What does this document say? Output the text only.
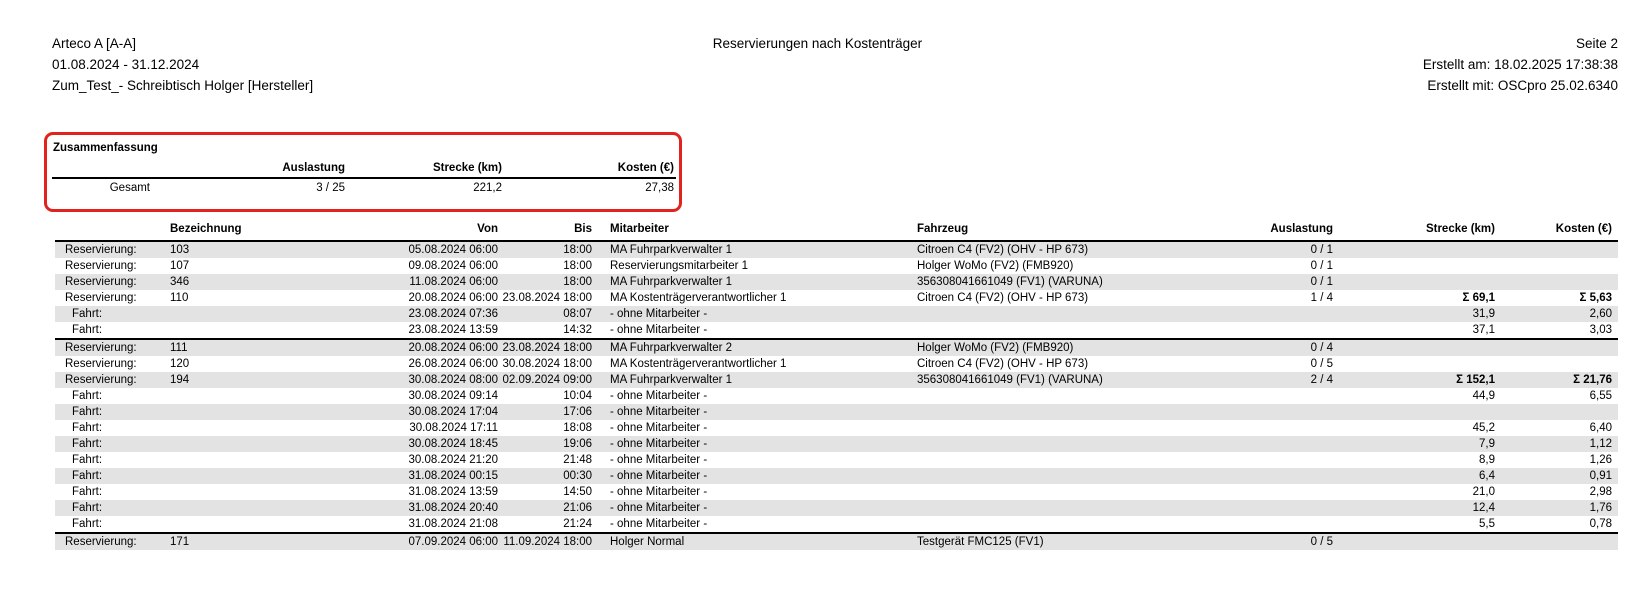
Arteco A [A-A]
01.08.2024 - 31.12.2024
Zum_Test_- Schreibtisch Holger [Hersteller]
Reservierungen nach Kostenträger	Seite 2
Erstellt am: 18.02.2025 17:38:38
Erstellt mit: OSCpro 25.02.6340
Zusammenfassung
	Auslastung	Strecke (km)	Kosten (€)
Gesamt	3 / 25	221,2	27,38
	Bezeichnung	Von	Bis	Mitarbeiter	Fahrzeug	Auslastung	Strecke (km)	Kosten (€)
Reservierung:	103	05.08.2024 06:00	18:00	MA Fuhrparkverwalter 1	Citroen C4 (FV2) (OHV - HP 673)	0 / 1		
Reservierung:	107	09.08.2024 06:00	18:00	Reservierungsmitarbeiter 1	Holger WoMo (FV2) (FMB920)	0 / 1		
Reservierung:	346	11.08.2024 06:00	18:00	MA Fuhrparkverwalter 1	356308041661049 (FV1) (VARUNA)	0 / 1		
Reservierung:	110	20.08.2024 06:00	23.08.2024 18:00	MA Kostenträgerverantwortlicher 1	Citroen C4 (FV2) (OHV - HP 673)	1 / 4	Σ 69,1	Σ 5,63
Fahrt:		23.08.2024 07:36	08:07	- ohne Mitarbeiter -			31,9	2,60
Fahrt:		23.08.2024 13:59	14:32	- ohne Mitarbeiter -			37,1	3,03
Reservierung:	111	20.08.2024 06:00	23.08.2024 18:00	MA Fuhrparkverwalter 2	Holger WoMo (FV2) (FMB920)	0 / 4		
Reservierung:	120	26.08.2024 06:00	30.08.2024 18:00	MA Kostenträgerverantwortlicher 1	Citroen C4 (FV2) (OHV - HP 673)	0 / 5		
Reservierung:	194	30.08.2024 08:00	02.09.2024 09:00	MA Fuhrparkverwalter 1	356308041661049 (FV1) (VARUNA)	2 / 4	Σ 152,1	Σ 21,76
Fahrt:		30.08.2024 09:14	10:04	- ohne Mitarbeiter -			44,9	6,55
Fahrt:		30.08.2024 17:04	17:06	- ohne Mitarbeiter -				
Fahrt:		30.08.2024 17:11	18:08	- ohne Mitarbeiter -			45,2	6,40
Fahrt:		30.08.2024 18:45	19:06	- ohne Mitarbeiter -			7,9	1,12
Fahrt:		30.08.2024 21:20	21:48	- ohne Mitarbeiter -			8,9	1,26
Fahrt:		31.08.2024 00:15	00:30	- ohne Mitarbeiter -			6,4	0,91
Fahrt:		31.08.2024 13:59	14:50	- ohne Mitarbeiter -			21,0	2,98
Fahrt:		31.08.2024 20:40	21:06	- ohne Mitarbeiter -			12,4	1,76
Fahrt:		31.08.2024 21:08	21:24	- ohne Mitarbeiter -			5,5	0,78
Reservierung:	171	07.09.2024 06:00	11.09.2024 18:00	Holger Normal	Testgerät FMC125 (FV1)	0 / 5		
